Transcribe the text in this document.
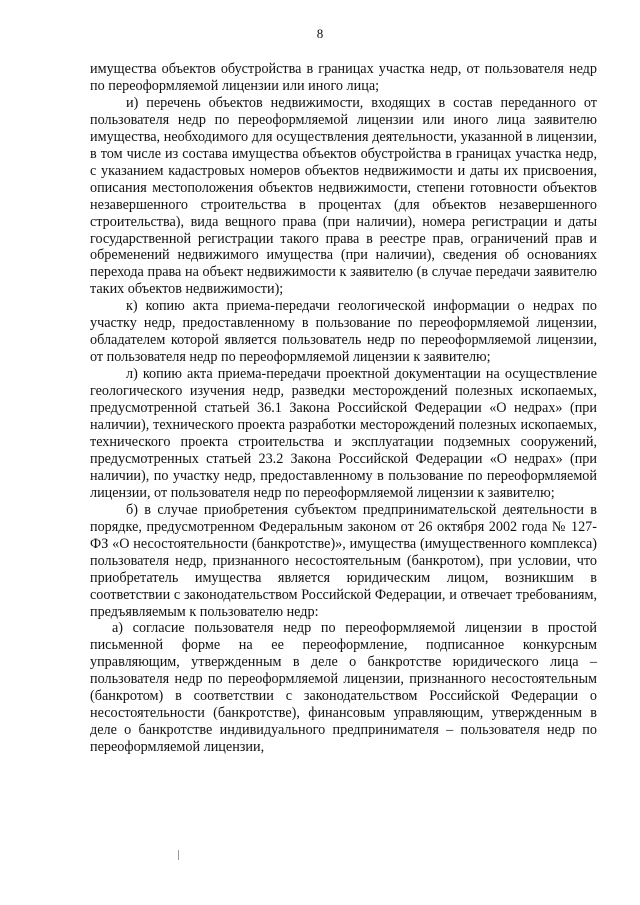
8

имущества объектов обустройства в границах участка недр, от пользователя недр по переоформляемой лицензии или иного лица;

и) перечень объектов недвижимости, входящих в состав переданного от пользователя недр по переоформляемой лицензии или иного лица заявителю имущества, необходимого для осуществления деятельности, указанной в лицензии, в том числе из состава имущества объектов обустройства в границах участка недр, с указанием кадастровых номеров объектов недвижимости и даты их присвоения, описания местоположения объектов недвижимости, степени готовности объектов незавершенного строительства в процентах (для объектов незавершенного строительства), вида вещного права (при наличии), номера регистрации и даты государственной регистрации такого права в реестре прав, ограничений прав и обременений недвижимого имущества (при наличии), сведения об основаниях перехода права на объект недвижимости к заявителю (в случае передачи заявителю таких объектов недвижимости);

к) копию акта приема-передачи геологической информации о недрах по участку недр, предоставленному в пользование по переоформляемой лицензии, обладателем которой является пользователь недр по переоформляемой лицензии, от пользователя недр по переоформляемой лицензии к заявителю;

л) копию акта приема-передачи проектной документации на осуществление геологического изучения недр, разведки месторождений полезных ископаемых, предусмотренной статьей 36.1 Закона Российской Федерации «О недрах» (при наличии), технического проекта разработки месторождений полезных ископаемых, технического проекта строительства и эксплуатации подземных сооружений, предусмотренных статьей 23.2 Закона Российской Федерации «О недрах» (при наличии), по участку недр, предоставленному в пользование по переоформляемой лицензии, от пользователя недр по переоформляемой лицензии к заявителю;

б) в случае приобретения субъектом предпринимательской деятельности в порядке, предусмотренном Федеральным законом от 26 октября 2002 года № 127-ФЗ «О несостоятельности (банкротстве)», имущества (имущественного комплекса) пользователя недр, признанного несостоятельным (банкротом), при условии, что приобретатель имущества является юридическим лицом, возникшим в соответствии с законодательством Российской Федерации, и отвечает требованиям, предъявляемым к пользователю недр:

а) согласие пользователя недр по переоформляемой лицензии в простой письменной форме на ее переоформление, подписанное конкурсным управляющим, утвержденным в деле о банкротстве юридического лица – пользователя недр по переоформляемой лицензии, признанного несостоятельным (банкротом) в соответствии с законодательством Российской Федерации о несостоятельности (банкротстве), финансовым управляющим, утвержденным в деле о банкротстве индивидуального предпринимателя – пользователя недр по переоформляемой лицензии,
